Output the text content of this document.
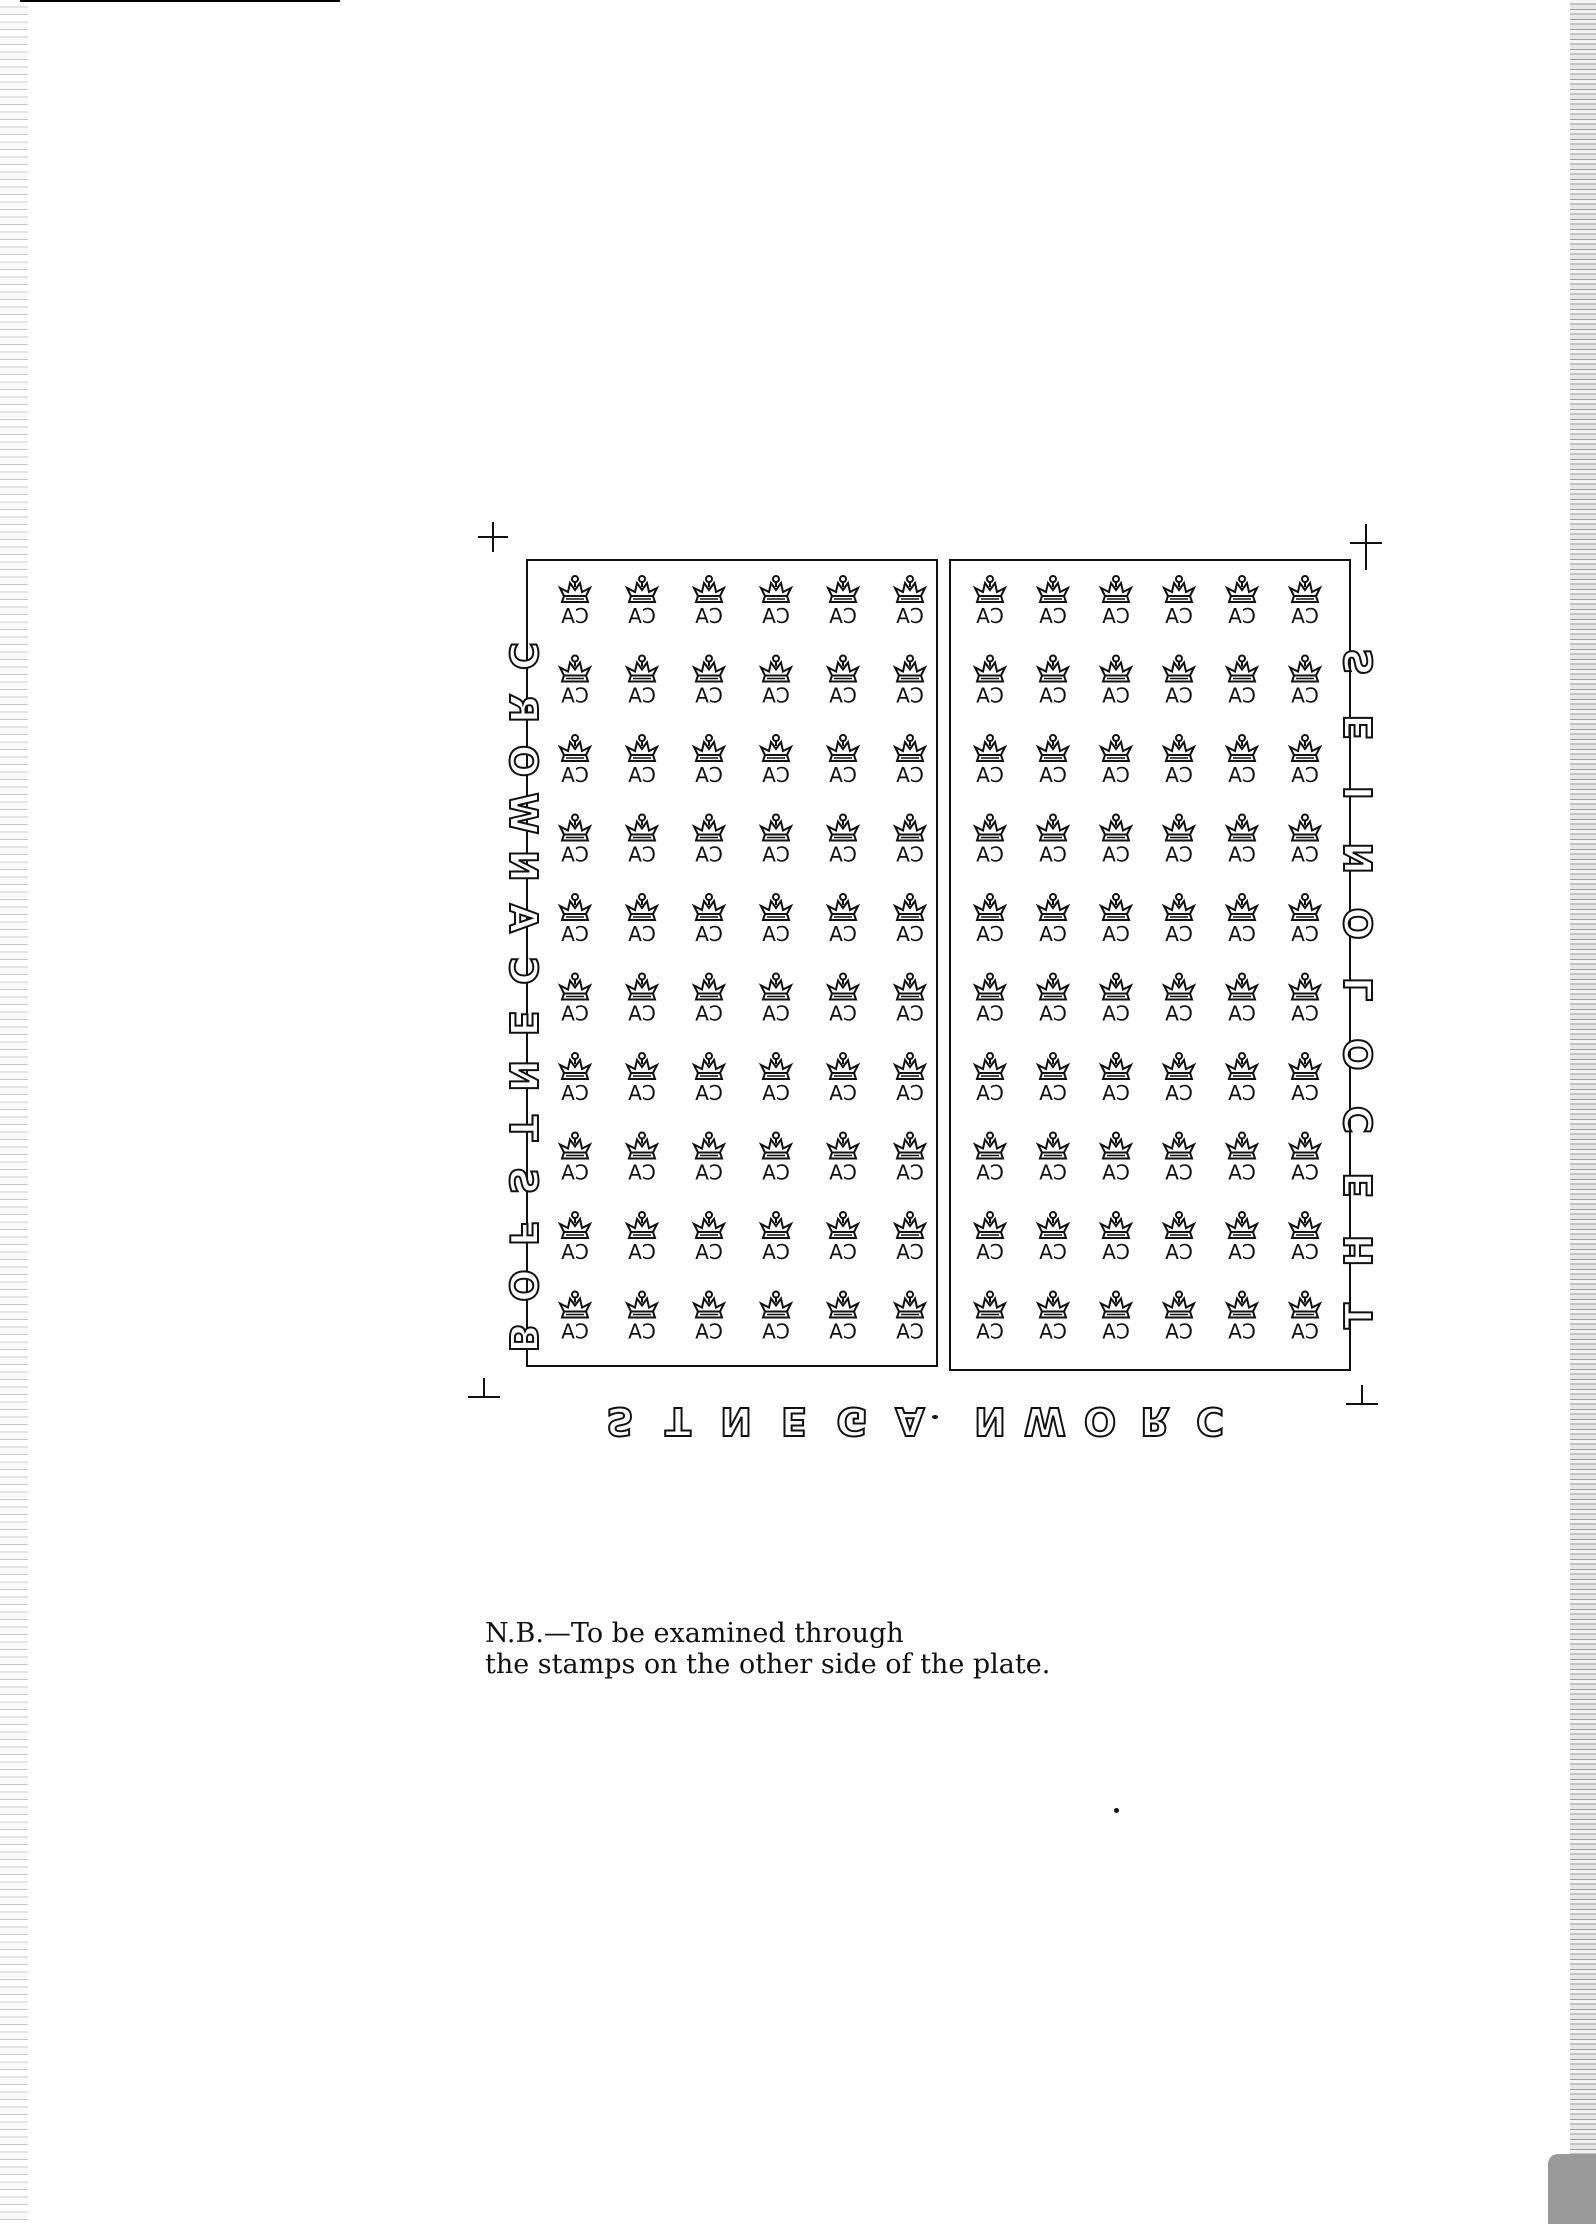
CA CA CA CA CA CA
CA CA CA CA CA CA
CA CA CA CA CA CA
CA CA CA CA CA CA
CA CA CA CA CA CA
CA CA CA CA CA CA
CA CA CA CA CA CA
CA CA CA CA CA CA
CA CA CA CA CA CA
CA CA CA CA CA CA
CA CA CA CA CA CA
CA CA CA CA CA CA
CA CA CA CA CA CA
CA CA CA CA CA CA
CA CA CA CA CA CA
CA CA CA CA CA CA
CA CA CA CA CA CA
CA CA CA CA CA CA
CA CA CA CA CA CA
CA CA CA CA CA CA
B
O
F
S
T
N
E
C
A
N
W
O
R
C	S
E
I
N
O
L
O
C
E
H
T
S T N E G A N W O R C
N.B.—To be examined through
the stamps on the other side of the plate.
